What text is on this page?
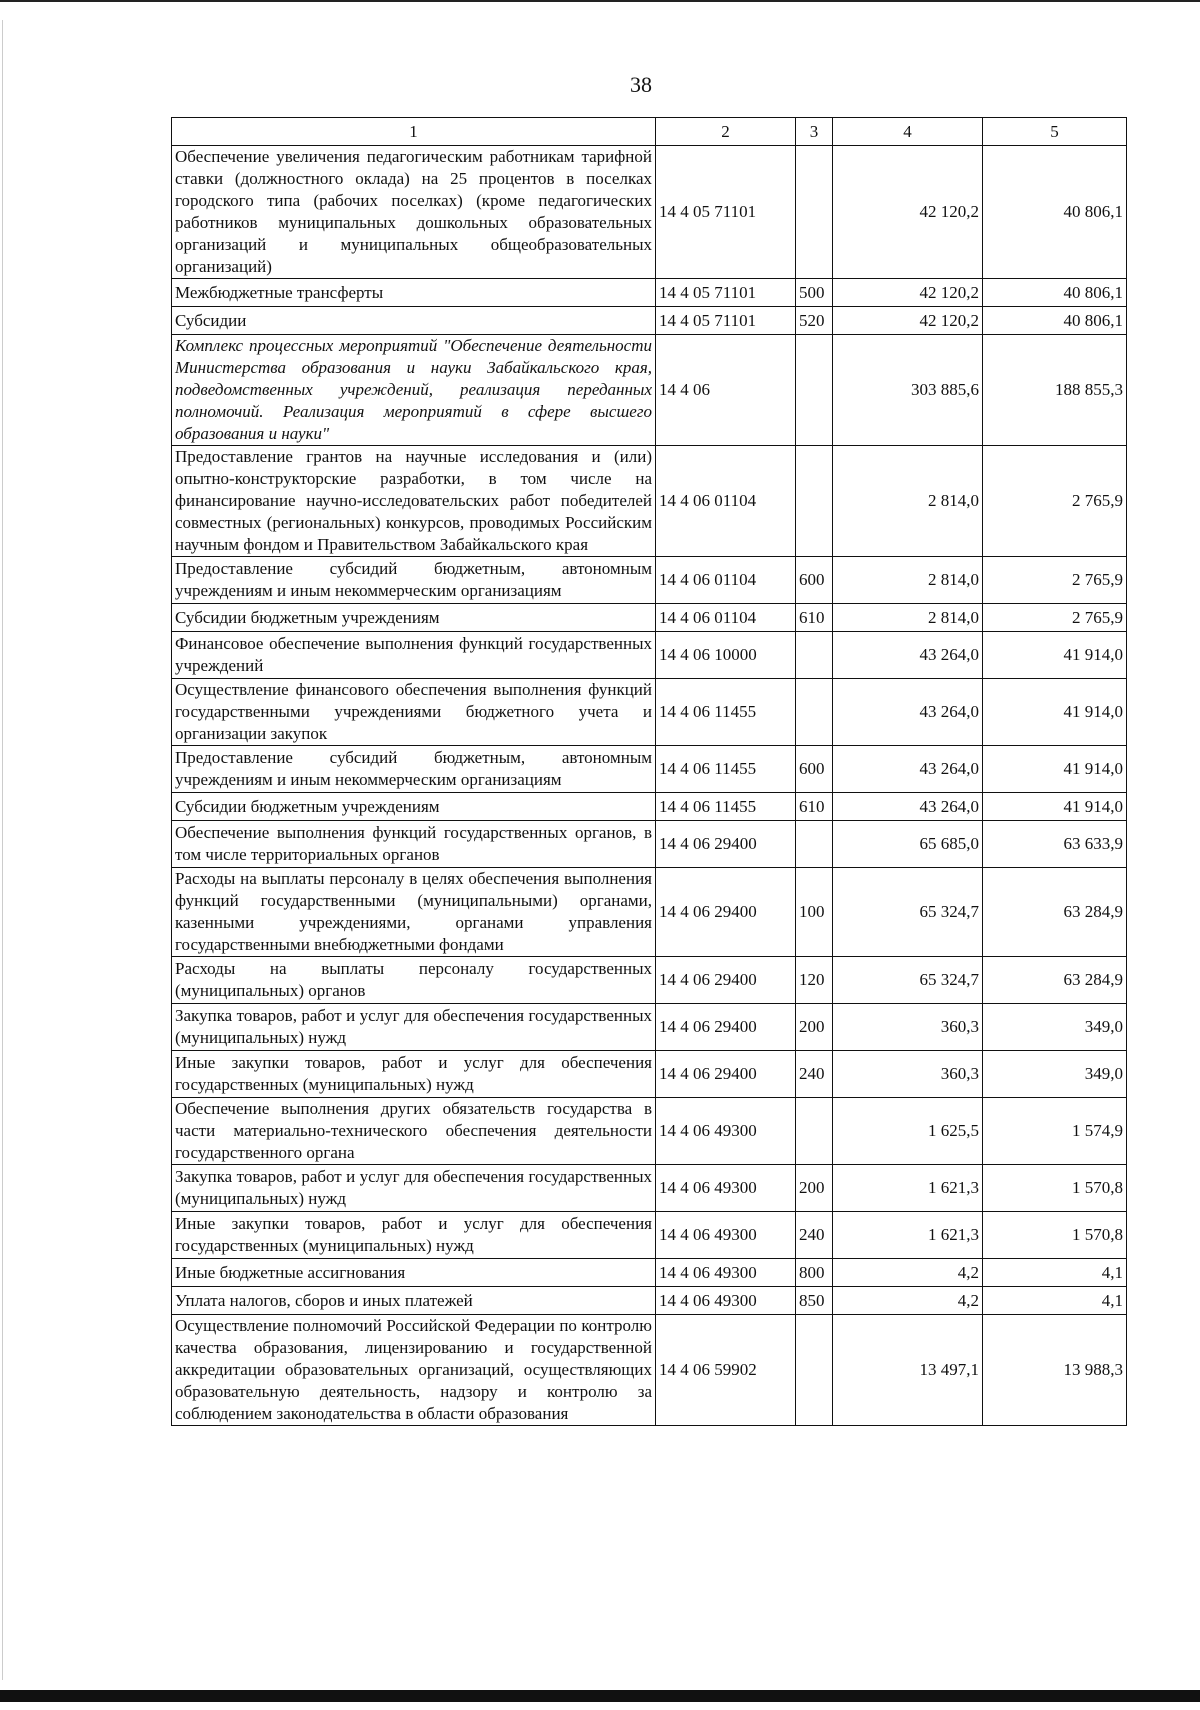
38
1	2	3	4	5
Обеспечение увеличения педагогическим работникам тарифной ставки (должностного оклада) на 25 процентов в поселках городского типа (рабочих поселках) (кроме педагогических работников муниципальных дошкольных образовательных организаций и муниципальных общеобразовательных организаций)	14 4 05 71101		42 120,2	40 806,1
Межбюджетные трансферты	14 4 05 71101	500	42 120,2	40 806,1
Субсидии	14 4 05 71101	520	42 120,2	40 806,1
Комплекс процессных мероприятий "Обеспечение деятельности Министерства образования и науки Забайкальского края, подведомственных учреждений, реализация переданных полномочий. Реализация мероприятий в сфере высшего образования и науки"	14 4 06		303 885,6	188 855,3
Предоставление грантов на научные исследования и (или) опытно-конструкторские разработки, в том числе на финансирование научно-исследовательских работ победителей совместных (региональных) конкурсов, проводимых Российским научным фондом и Правительством Забайкальского края	14 4 06 01104		2 814,0	2 765,9
Предоставление субсидий бюджетным, автономным учреждениям и иным некоммерческим организациям	14 4 06 01104	600	2 814,0	2 765,9
Субсидии бюджетным учреждениям	14 4 06 01104	610	2 814,0	2 765,9
Финансовое обеспечение выполнения функций государственных учреждений	14 4 06 10000		43 264,0	41 914,0
Осуществление финансового обеспечения выполнения функций государственными учреждениями бюджетного учета и организации закупок	14 4 06 11455		43 264,0	41 914,0
Предоставление субсидий бюджетным, автономным учреждениям и иным некоммерческим организациям	14 4 06 11455	600	43 264,0	41 914,0
Субсидии бюджетным учреждениям	14 4 06 11455	610	43 264,0	41 914,0
Обеспечение выполнения функций государственных органов, в том числе территориальных органов	14 4 06 29400		65 685,0	63 633,9
Расходы на выплаты персоналу в целях обеспечения выполнения функций государственными (муниципальными) органами, казенными учреждениями, органами управления государственными внебюджетными фондами	14 4 06 29400	100	65 324,7	63 284,9
Расходы на выплаты персоналу государственных (муниципальных) органов	14 4 06 29400	120	65 324,7	63 284,9
Закупка товаров, работ и услуг для обеспечения государственных (муниципальных) нужд	14 4 06 29400	200	360,3	349,0
Иные закупки товаров, работ и услуг для обеспечения государственных (муниципальных) нужд	14 4 06 29400	240	360,3	349,0
Обеспечение выполнения других обязательств государства в части материально-технического обеспечения деятельности государственного органа	14 4 06 49300		1 625,5	1 574,9
Закупка товаров, работ и услуг для обеспечения государственных (муниципальных) нужд	14 4 06 49300	200	1 621,3	1 570,8
Иные закупки товаров, работ и услуг для обеспечения государственных (муниципальных) нужд	14 4 06 49300	240	1 621,3	1 570,8
Иные бюджетные ассигнования	14 4 06 49300	800	4,2	4,1
Уплата налогов, сборов и иных платежей	14 4 06 49300	850	4,2	4,1
Осуществление полномочий Российской Федерации по контролю качества образования, лицензированию и государственной аккредитации образовательных организаций, осуществляющих образовательную деятельность, надзору и контролю за соблюдением законодательства в области образования	14 4 06 59902		13 497,1	13 988,3
